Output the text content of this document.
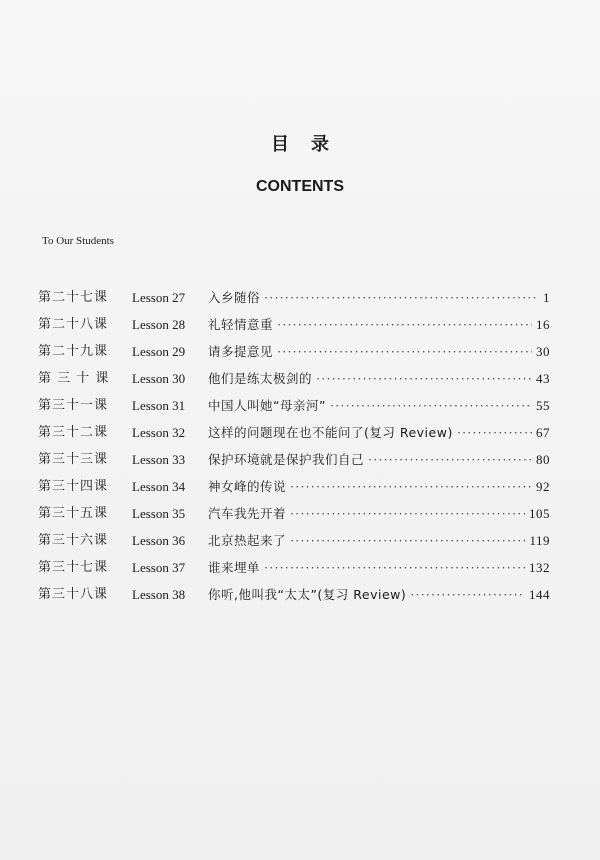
目录
CONTENTS
To Our Students
第二十七课	Lesson 27	入乡随俗 ·····	1
第二十八课	Lesson 28	礼轻情意重 ·····	16
第二十九课	Lesson 29	请多提意见 ·····	30
第 三 十 课	Lesson 30	他们是练太极剑的 ·····	43
第三十一课	Lesson 31	中国人叫她“母亲河” ·····	55
第三十二课	Lesson 32	这样的问题现在也不能问了(复习 Review) ·····	67
第三十三课	Lesson 33	保护环境就是保护我们自己 ·····	80
第三十四课	Lesson 34	神女峰的传说 ·····	92
第三十五课	Lesson 35	汽车我先开着 ·····	105
第三十六课	Lesson 36	北京热起来了 ·····	119
第三十七课	Lesson 37	谁来埋单 ·····	132
第三十八课	Lesson 38	你听,他叫我“太太”(复习 Review) ·····	144
